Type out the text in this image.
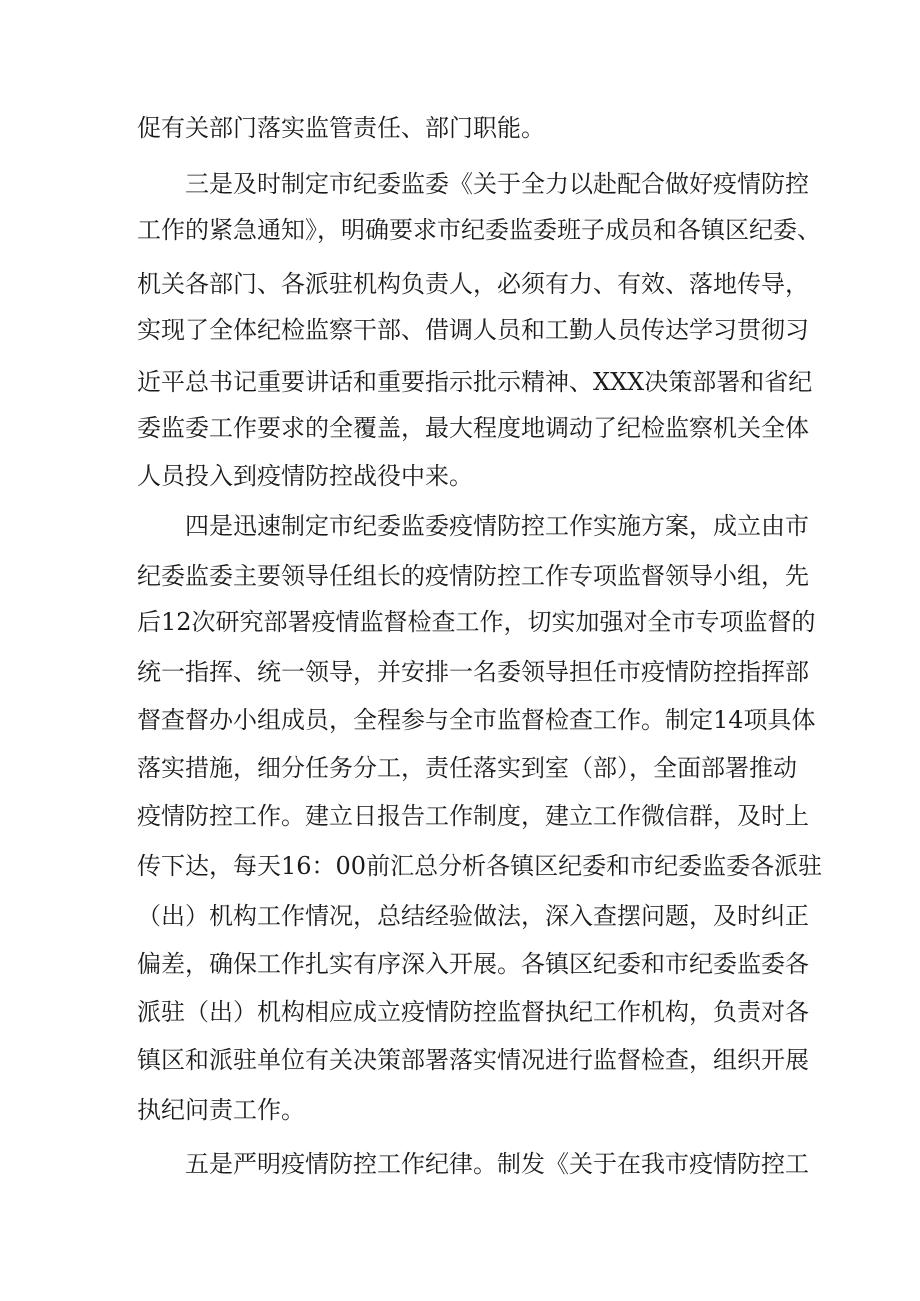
促有关部门落实监管责任、部门职能。
三是及时制定市纪委监委《关于全力以赴配合做好疫情防控
工作的紧急通知》，明确要求市纪委监委班子成员和各镇区纪委、
机关各部门、各派驻机构负责人，必须有力、有效、落地传导，
实现了全体纪检监察干部、借调人员和工勤人员传达学习贯彻习
近平总书记重要讲话和重要指示批示精神、XXX决策部署和省纪
委监委工作要求的全覆盖，最大程度地调动了纪检监察机关全体
人员投入到疫情防控战役中来。
四是迅速制定市纪委监委疫情防控工作实施方案，成立由市
纪委监委主要领导任组长的疫情防控工作专项监督领导小组，先
后12次研究部署疫情监督检查工作，切实加强对全市专项监督的
统一指挥、统一领导，并安排一名委领导担任市疫情防控指挥部
督查督办小组成员，全程参与全市监督检查工作。制定14项具体
落实措施，细分任务分工，责任落实到室（部），全面部署推动
疫情防控工作。建立日报告工作制度，建立工作微信群，及时上
传下达，每天16：00前汇总分析各镇区纪委和市纪委监委各派驻
（出）机构工作情况，总结经验做法，深入查摆问题，及时纠正
偏差，确保工作扎实有序深入开展。各镇区纪委和市纪委监委各
派驻（出）机构相应成立疫情防控监督执纪工作机构，负责对各
镇区和派驻单位有关决策部署落实情况进行监督检查，组织开展
执纪问责工作。
五是严明疫情防控工作纪律。制发《关于在我市疫情防控工
